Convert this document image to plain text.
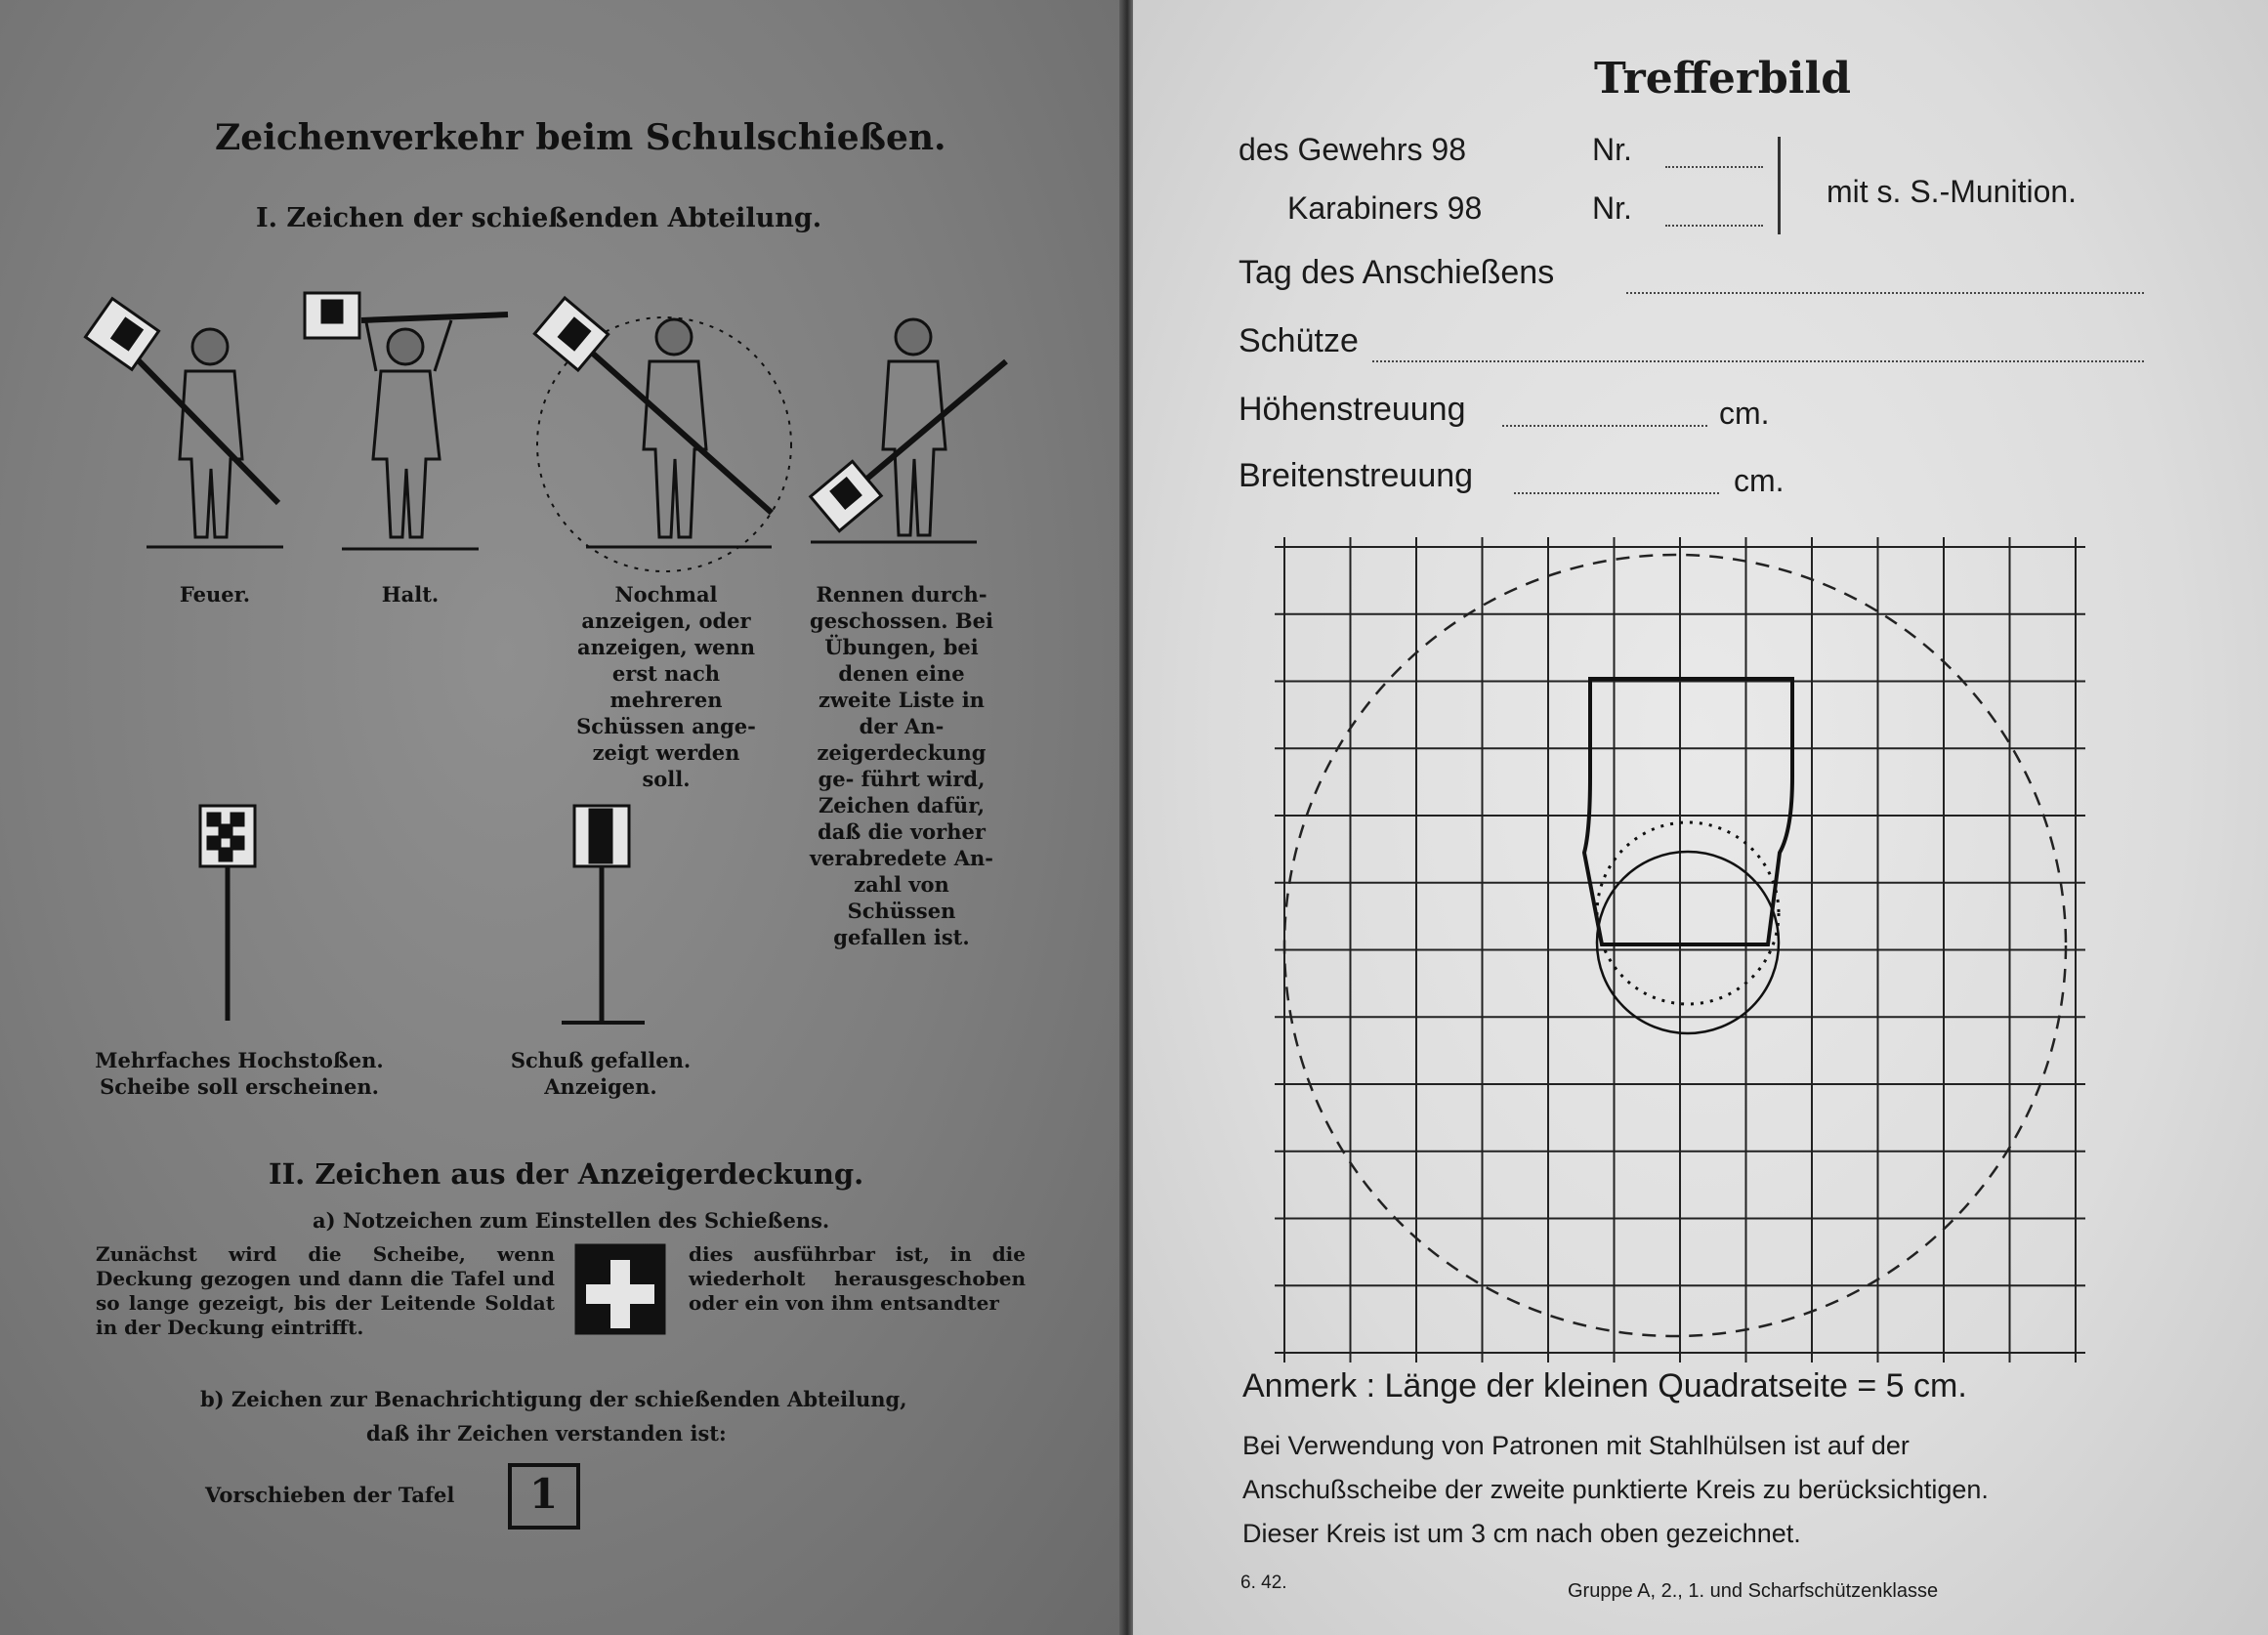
Zeichenverkehr beim Schulschießen.
I. Zeichen der schießenden Abteilung.
Feuer.	Halt.	Nochmal anzeigen, oder anzeigen, wenn erst nach mehreren Schüssen ange- zeigt werden soll.
Rennen durch- geschossen. Bei Übungen, bei denen eine zweite Liste in der An- zeigerdeckung ge- führt wird, Zeichen dafür, daß die vorher verabredete An- zahl von Schüssen gefallen ist.
Mehrfaches Hochstoßen. Scheibe soll erscheinen.
Schuß gefallen. Anzeigen.
II. Zeichen aus der Anzeigerdeckung.
a) Notzeichen zum Einstellen des Schießens.
Zunächst wird die Scheibe, wenn Deckung gezogen und dann die Tafel und so lange gezeigt, bis der Leitende Soldat in der Deckung eintrifft.
dies ausführbar ist, in die wiederholt herausgeschoben oder ein von ihm entsandter
b) Zeichen zur Benachrichtigung der schießenden Abteilung,
daß ihr Zeichen verstanden ist:
Vorschieben der Tafel 1
Trefferbild
des Gewehrs 98	Nr.
Karabiners 98	Nr.	mit s. S.-Munition.
Tag des Anschießens
Schütze
Höhenstreuung	cm.
Breitenstreuung	cm.
Anmerk : Länge der kleinen Quadratseite = 5 cm.
Bei Verwendung von Patronen mit Stahlhülsen ist auf der
Anschußscheibe der zweite punktierte Kreis zu berücksichtigen.
Dieser Kreis ist um 3 cm nach oben gezeichnet.
6. 42.	Gruppe A, 2., 1. und Scharfschützenklasse
